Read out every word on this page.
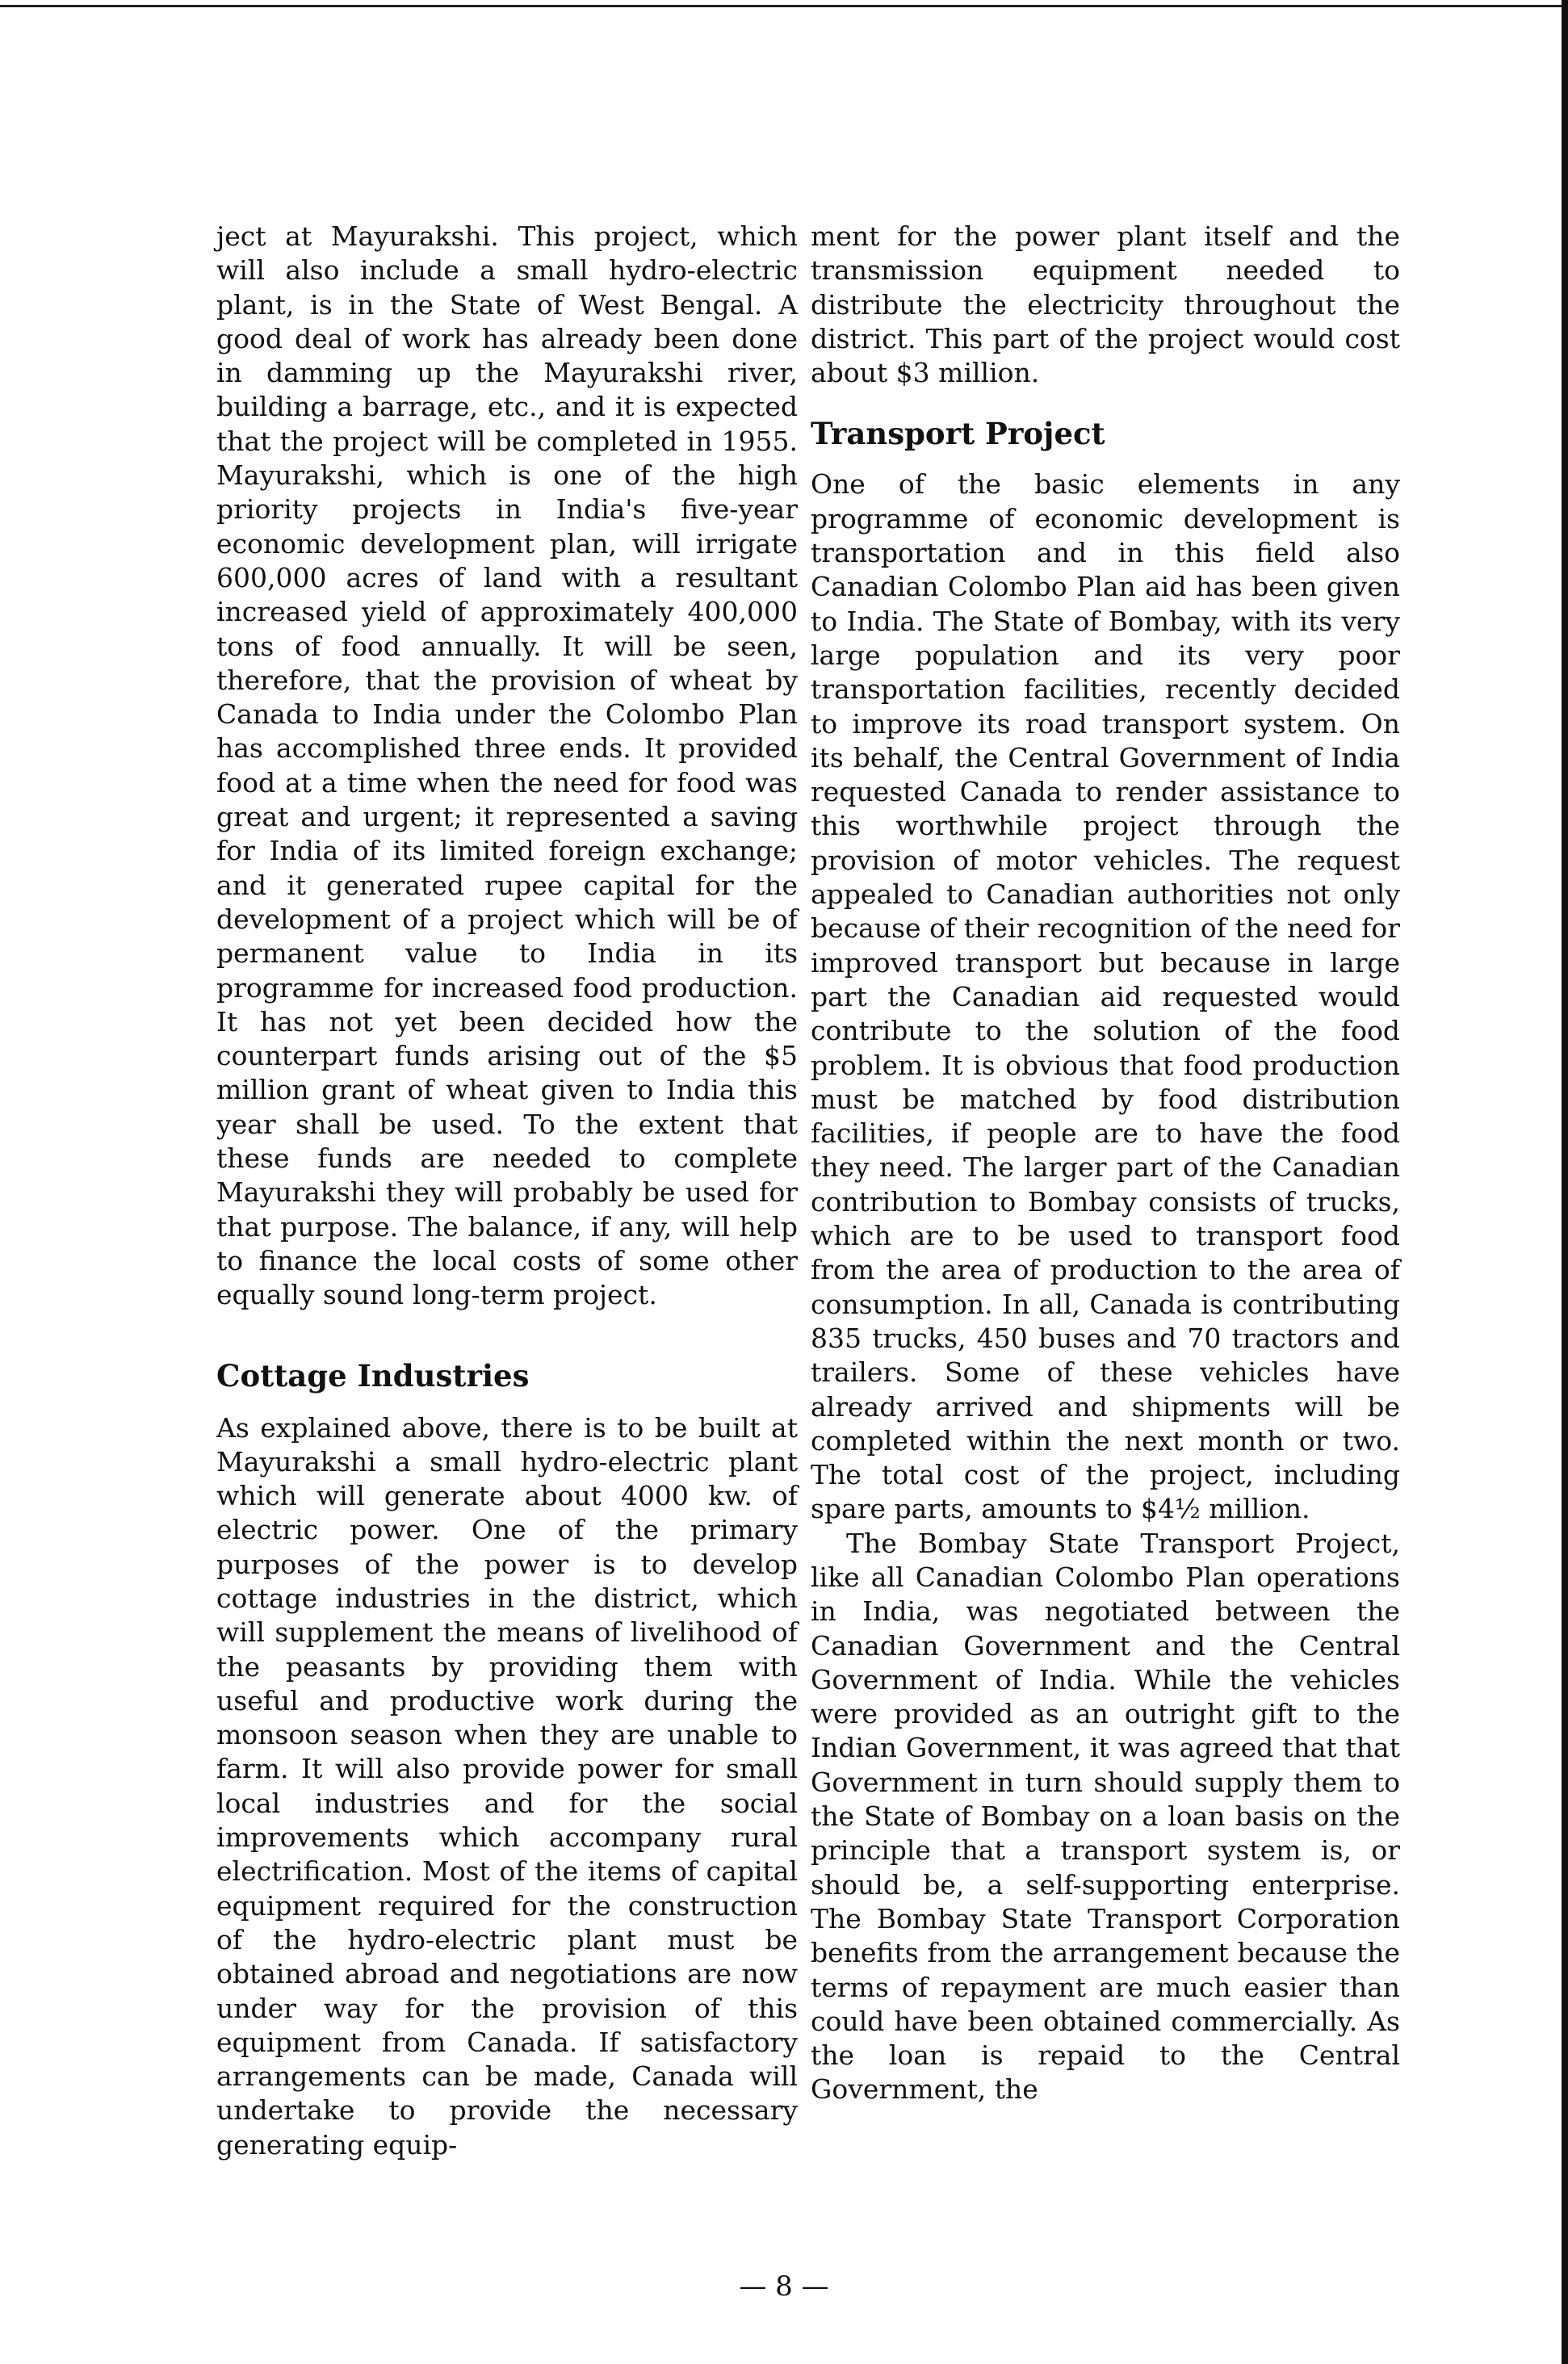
ject at Mayurakshi. This project, which will also include a small hydro-electric plant, is in the State of West Bengal. A good deal of work has already been done in damming up the Mayurakshi river, building a barrage, etc., and it is expected that the project will be completed in 1955. Mayurakshi, which is one of the high priority projects in India's five-year economic development plan, will irrigate 600,000 acres of land with a resultant increased yield of approximately 400,000 tons of food annually. It will be seen, therefore, that the provision of wheat by Canada to India under the Colombo Plan has accomplished three ends. It provided food at a time when the need for food was great and urgent; it represented a saving for India of its limited foreign exchange; and it generated rupee capital for the development of a project which will be of permanent value to India in its programme for increased food production. It has not yet been decided how the counterpart funds arising out of the $5 million grant of wheat given to India this year shall be used. To the extent that these funds are needed to complete Mayurakshi they will probably be used for that purpose. The balance, if any, will help to finance the local costs of some other equally sound long-term project.

Cottage Industries

As explained above, there is to be built at Mayurakshi a small hydro-electric plant which will generate about 4000 kw. of electric power. One of the primary purposes of the power is to develop cottage industries in the district, which will supplement the means of livelihood of the peasants by providing them with useful and productive work during the monsoon season when they are unable to farm. It will also provide power for small local industries and for the social improvements which accompany rural electrification. Most of the items of capital equipment required for the construction of the hydro-electric plant must be obtained abroad and negotiations are now under way for the provision of this equipment from Canada. If satisfactory arrangements can be made, Canada will undertake to provide the necessary generating equip-

ment for the power plant itself and the transmission equipment needed to distribute the electricity throughout the district. This part of the project would cost about $3 million.

Transport Project

One of the basic elements in any programme of economic development is transportation and in this field also Canadian Colombo Plan aid has been given to India. The State of Bombay, with its very large population and its very poor transportation facilities, recently decided to improve its road transport system. On its behalf, the Central Government of India requested Canada to render assistance to this worthwhile project through the provision of motor vehicles. The request appealed to Canadian authorities not only because of their recognition of the need for improved transport but because in large part the Canadian aid requested would contribute to the solution of the food problem. It is obvious that food production must be matched by food distribution facilities, if people are to have the food they need. The larger part of the Canadian contribution to Bombay consists of trucks, which are to be used to transport food from the area of production to the area of consumption. In all, Canada is contributing 835 trucks, 450 buses and 70 tractors and trailers. Some of these vehicles have already arrived and shipments will be completed within the next month or two. The total cost of the project, including spare parts, amounts to $4½ million.

The Bombay State Transport Project, like all Canadian Colombo Plan operations in India, was negotiated between the Canadian Government and the Central Government of India. While the vehicles were provided as an outright gift to the Indian Government, it was agreed that that Government in turn should supply them to the State of Bombay on a loan basis on the principle that a transport system is, or should be, a self-supporting enterprise. The Bombay State Transport Corporation benefits from the arrangement because the terms of repayment are much easier than could have been obtained commercially. As the loan is repaid to the Central Government, the

— 8 —
